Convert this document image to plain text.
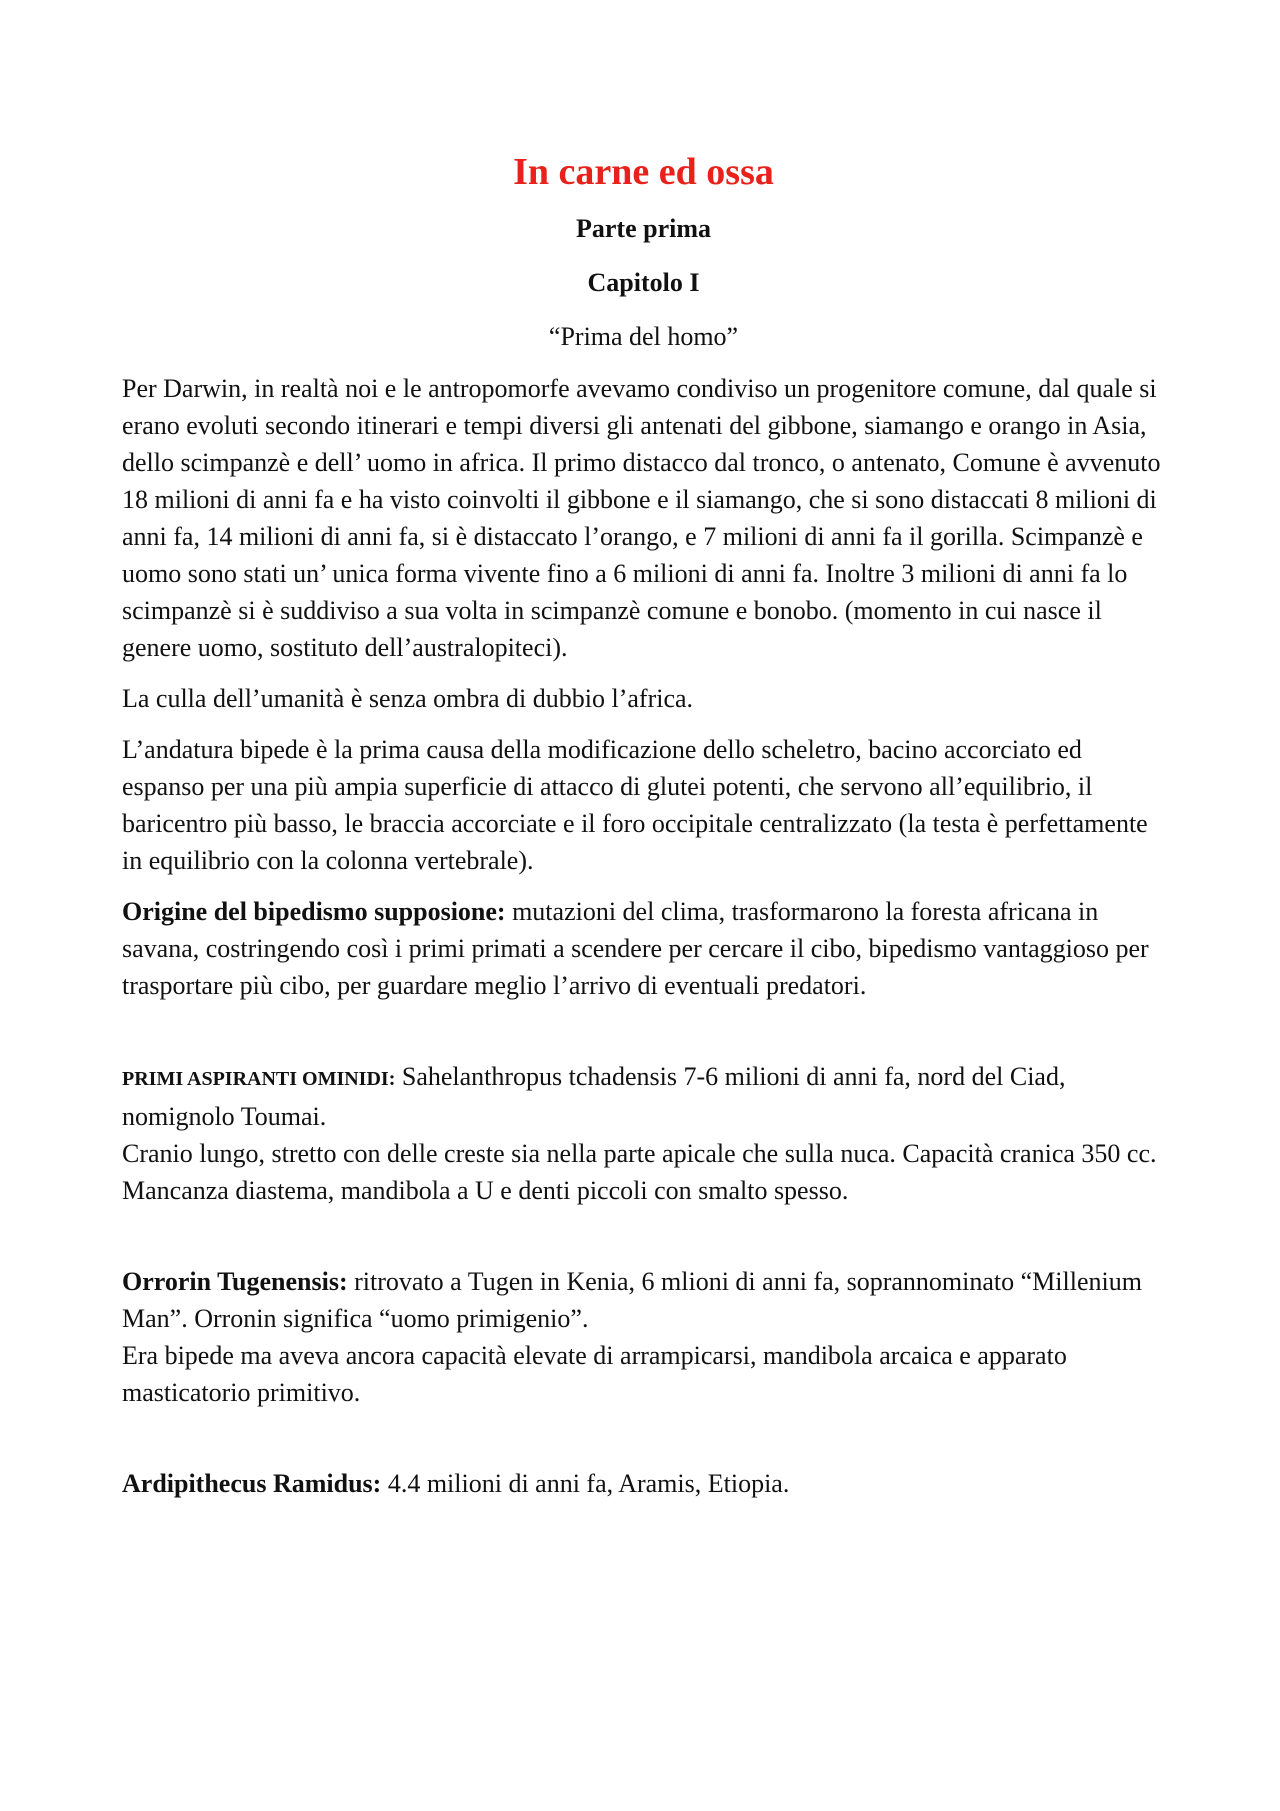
In carne ed ossa
Parte prima
Capitolo I
“Prima del homo”

Per Darwin, in realtà noi e le antropomorfe avevamo condiviso un progenitore comune, dal quale si erano evoluti secondo itinerari e tempi diversi gli antenati del gibbone, siamango e orango in Asia, dello scimpanzè e dell’ uomo in africa. Il primo distacco dal tronco, o antenato, Comune è avvenuto 18 milioni di anni fa e ha visto coinvolti il gibbone e il siamango, che si sono distaccati 8 milioni di anni fa, 14 milioni di anni fa, si è distaccato l’orango, e 7 milioni di anni fa il gorilla. Scimpanzè e uomo sono stati un’ unica forma vivente fino a 6 milioni di anni fa. Inoltre 3 milioni di anni fa lo scimpanzè si è suddiviso a sua volta in scimpanzè comune e bonobo. (momento in cui nasce il genere uomo, sostituto dell’australopiteci).

La culla dell’umanità è senza ombra di dubbio l’africa.

L’andatura bipede è la prima causa della modificazione dello scheletro, bacino accorciato ed espanso per una più ampia superficie di attacco di glutei potenti, che servono all’equilibrio, il baricentro più basso, le braccia accorciate e il foro occipitale centralizzato (la testa è perfettamente in equilibrio con la colonna vertebrale).

Origine del bipedismo supposione: mutazioni del clima, trasformarono la foresta africana in savana, costringendo così i primi primati a scendere per cercare il cibo, bipedismo vantaggioso per trasportare più cibo, per guardare meglio l’arrivo di eventuali predatori.

PRIMI ASPIRANTI OMINIDI: Sahelanthropus tchadensis 7-6 milioni di anni fa, nord del Ciad, nomignolo Toumai.
Cranio lungo, stretto con delle creste sia nella parte apicale che sulla nuca. Capacità cranica 350 cc. Mancanza diastema, mandibola a U e denti piccoli con smalto spesso.

Orrorin Tugenensis: ritrovato a Tugen in Kenia, 6 mlioni di anni fa, soprannominato “Millenium Man”. Orronin significa “uomo primigenio”.
Era bipede ma aveva ancora capacità elevate di arrampicarsi, mandibola arcaica e apparato masticatorio primitivo.

Ardipithecus Ramidus: 4.4 milioni di anni fa, Aramis, Etiopia.
